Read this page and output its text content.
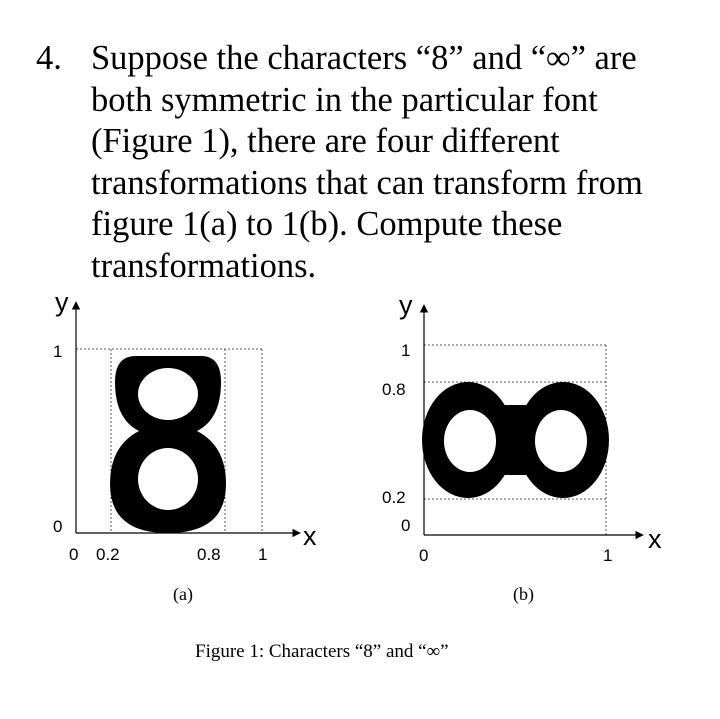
4. Suppose the characters “8” and “∞” are
both symmetric in the particular font
(Figure 1), there are four different
transformations that can transform from
figure 1(a) to 1(b). Compute these
transformations.
y
x
1
0
0 0.2	0.8 1
(a)
y
x
1
0.8
0.2
0
0	1
(b)
Figure 1: Characters “8” and “∞”
